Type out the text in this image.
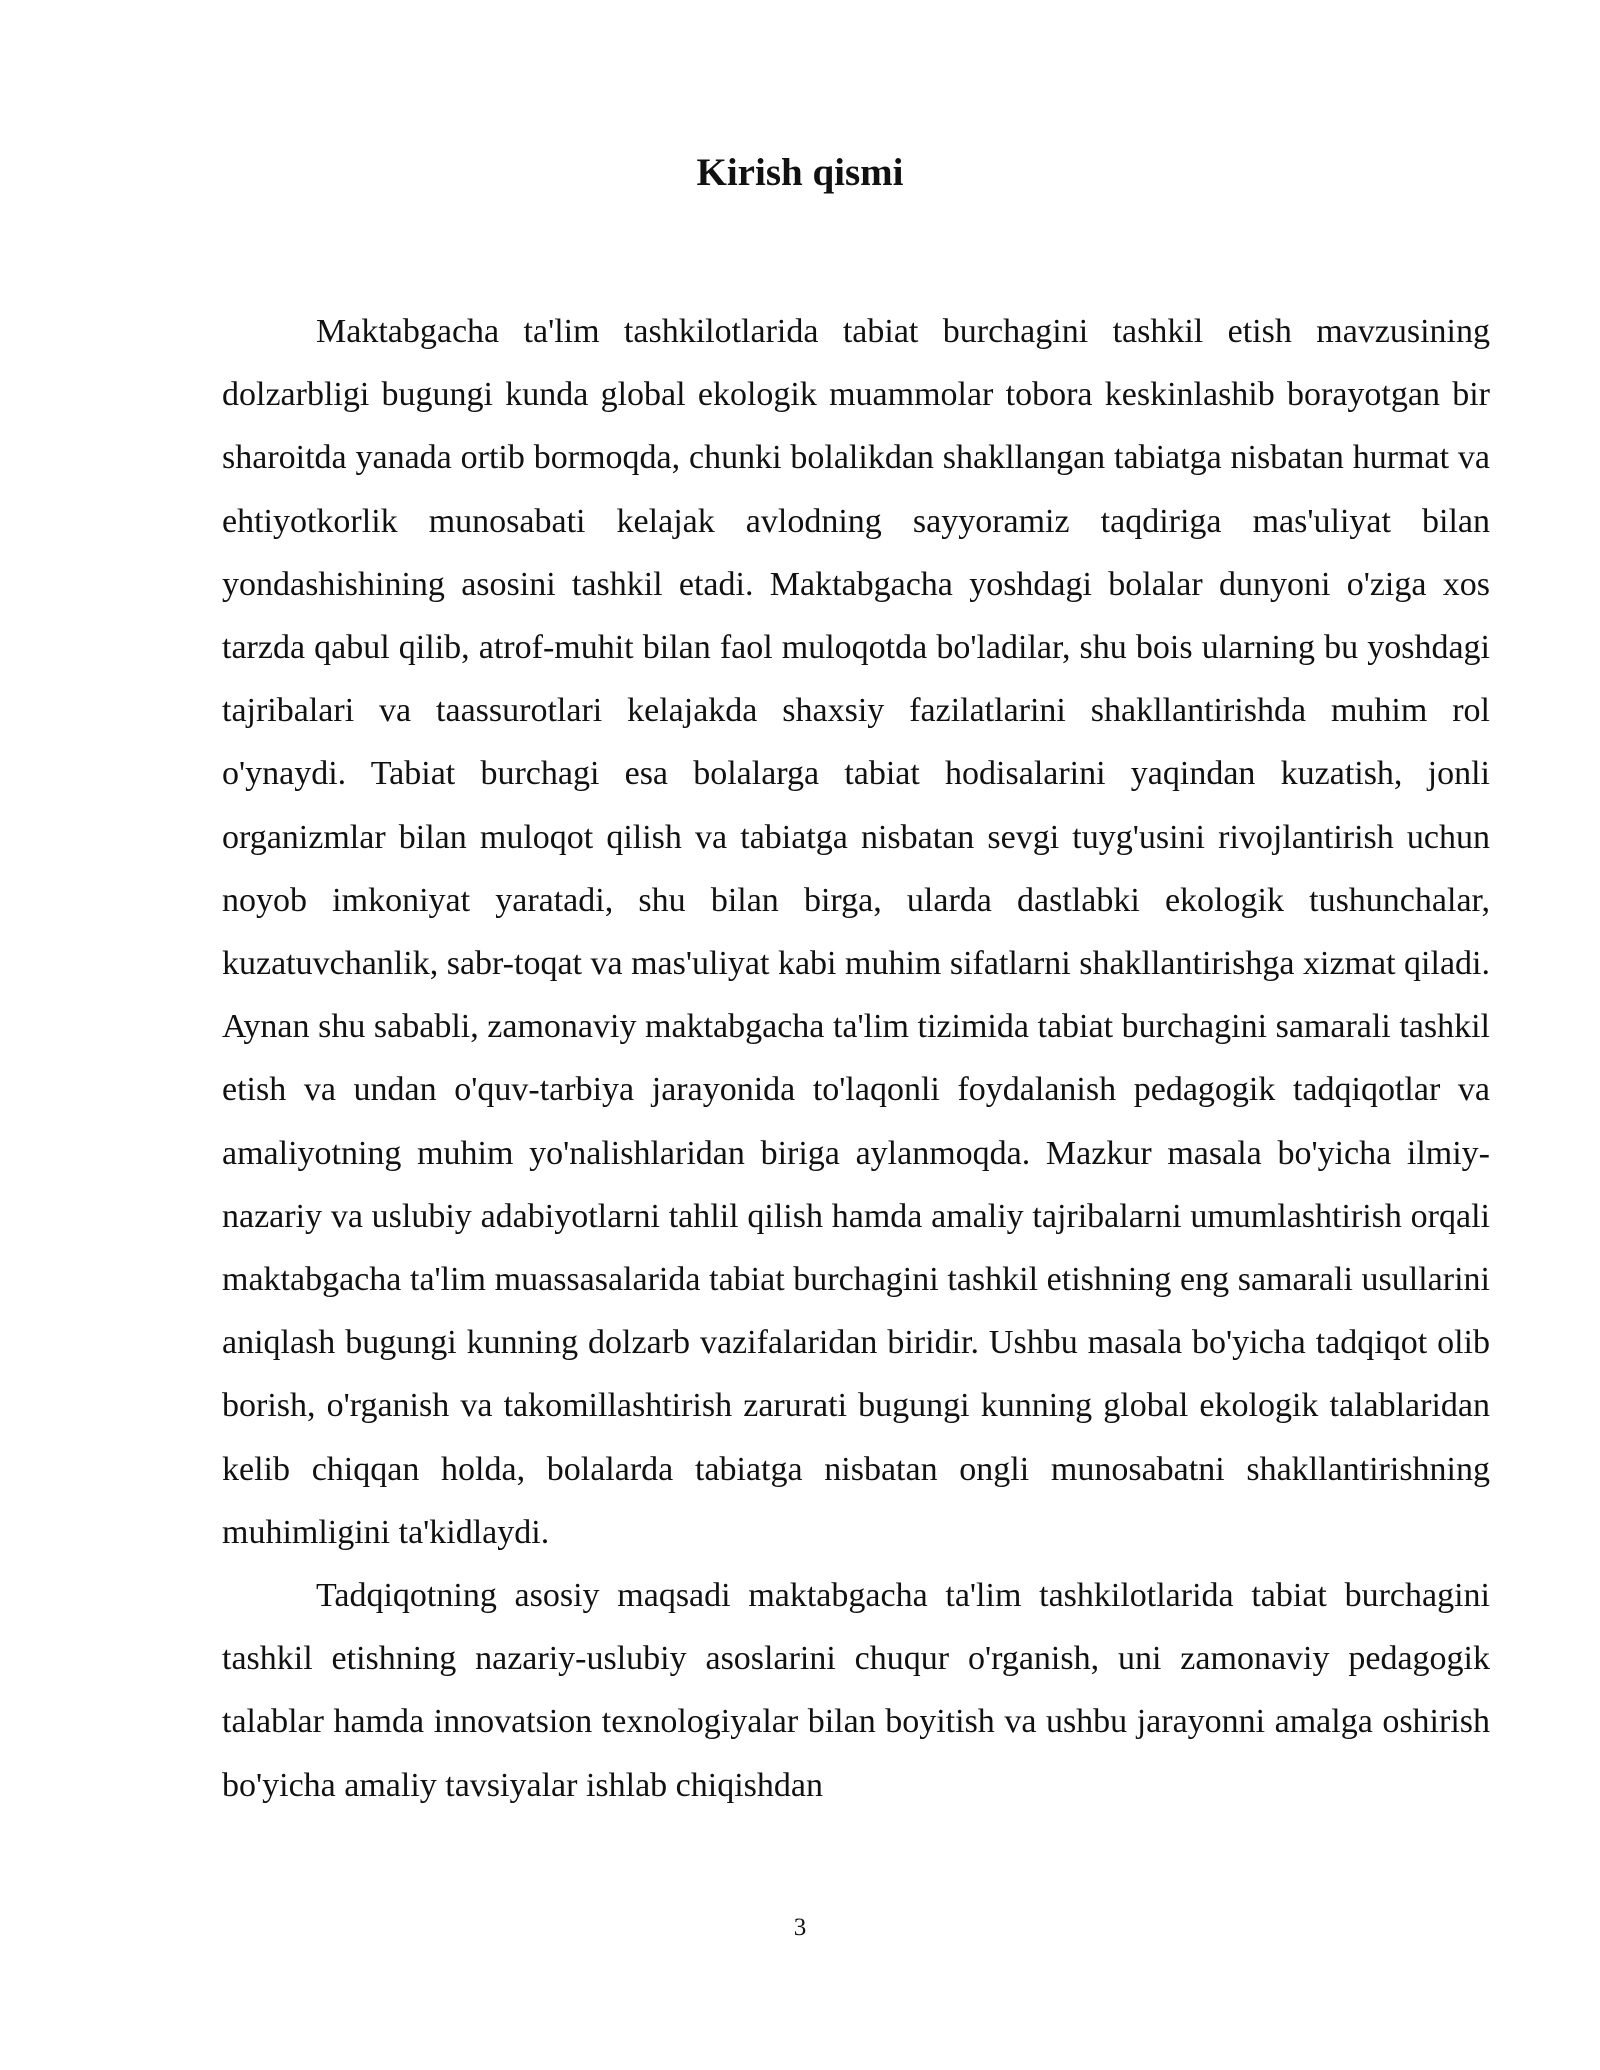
Kirish qismi

Maktabgacha ta'lim tashkilotlarida tabiat burchagini tashkil etish mavzusining dolzarbligi bugungi kunda global ekologik muammolar tobora keskinlashib borayotgan bir sharoitda yanada ortib bormoqda, chunki bolalikdan shakllangan tabiatga nisbatan hurmat va ehtiyotkorlik munosabati kelajak avlodning sayyoramiz taqdiriga mas'uliyat bilan yondashishining asosini tashkil etadi. Maktabgacha yoshdagi bolalar dunyoni o'ziga xos tarzda qabul qilib, atrof-muhit bilan faol muloqotda bo'ladilar, shu bois ularning bu yoshdagi tajribalari va taassurotlari kelajakda shaxsiy fazilatlarini shakllantirishda muhim rol o'ynaydi. Tabiat burchagi esa bolalarga tabiat hodisalarini yaqindan kuzatish, jonli organizmlar bilan muloqot qilish va tabiatga nisbatan sevgi tuyg'usini rivojlantirish uchun noyob imkoniyat yaratadi, shu bilan birga, ularda dastlabki ekologik tushunchalar, kuzatuvchanlik, sabr-toqat va mas'uliyat kabi muhim sifatlarni shakllantirishga xizmat qiladi. Aynan shu sababli, zamonaviy maktabgacha ta'lim tizimida tabiat burchagini samarali tashkil etish va undan o'quv-tarbiya jarayonida to'laqonli foydalanish pedagogik tadqiqotlar va amaliyotning muhim yo'nalishlaridan biriga aylanmoqda. Mazkur masala bo'yicha ilmiy-nazariy va uslubiy adabiyotlarni tahlil qilish hamda amaliy tajribalarni umumlashtirish orqali maktabgacha ta'lim muassasalarida tabiat burchagini tashkil etishning eng samarali usullarini aniqlash bugungi kunning dolzarb vazifalaridan biridir. Ushbu masala bo'yicha tadqiqot olib borish, o'rganish va takomillashtirish zarurati bugungi kunning global ekologik talablaridan kelib chiqqan holda, bolalarda tabiatga nisbatan ongli munosabatni shakllantirishning muhimligini ta'kidlaydi.

Tadqiqotning asosiy maqsadi maktabgacha ta'lim tashkilotlarida tabiat burchagini tashkil etishning nazariy-uslubiy asoslarini chuqur o'rganish, uni zamonaviy pedagogik talablar hamda innovatsion texnologiyalar bilan boyitish va ushbu jarayonni amalga oshirish bo'yicha amaliy tavsiyalar ishlab chiqishdan

3
